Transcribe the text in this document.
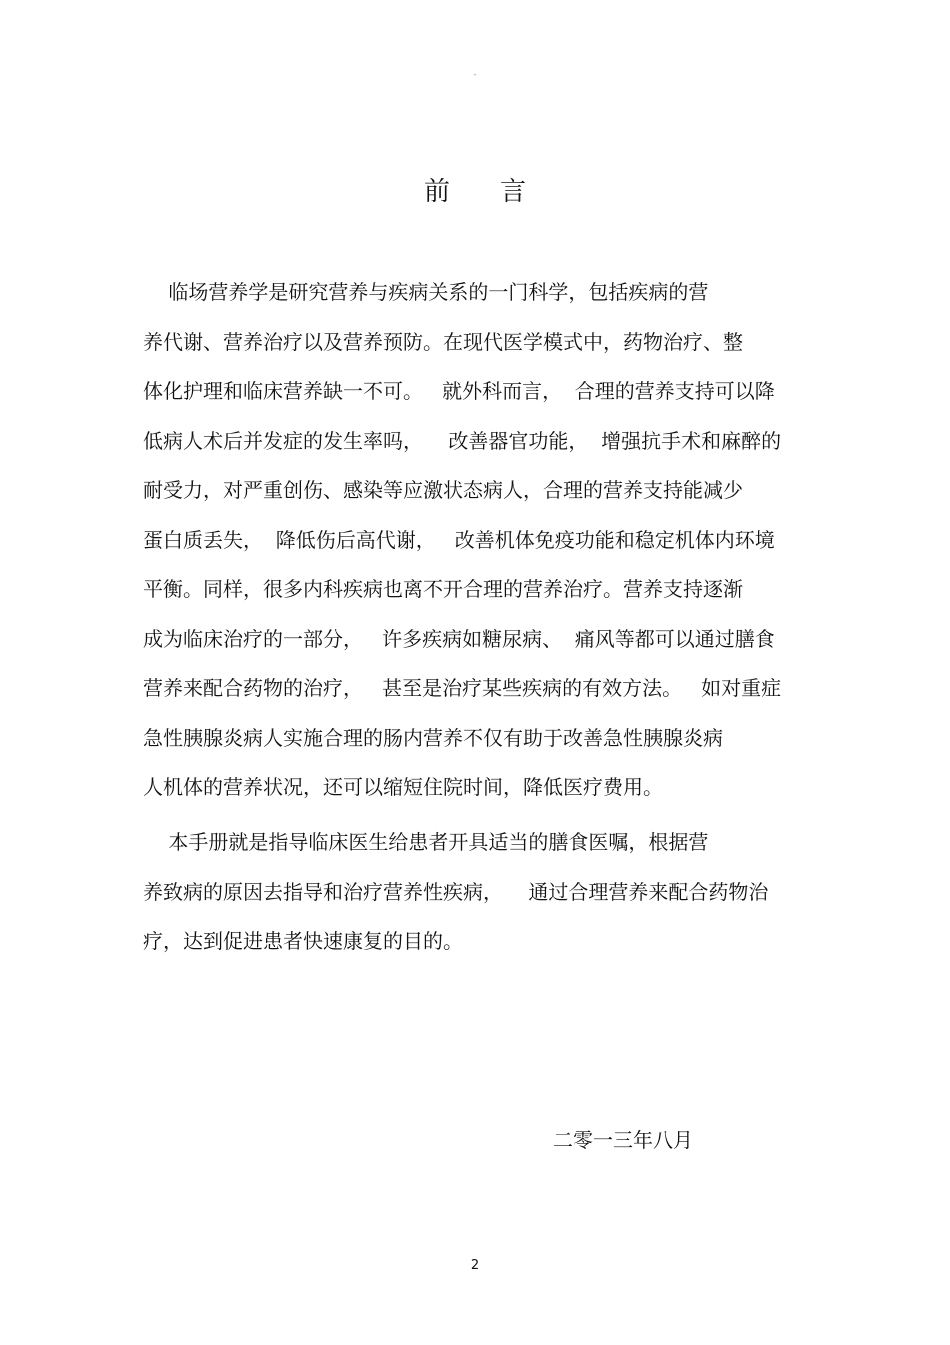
-
前言
临场营养学是研究营养与疾病关系的一门科学，包括疾病的营
养代谢、营养治疗以及营养预防。在现代医学模式中，药物治疗、整
体化护理和临床营养缺一不可。   就外科而言，  合理的营养支持可以降
低病人术后并发症的发生率吗，    改善器官功能，  增强抗手术和麻醉的
耐受力，对严重创伤、感染等应激状态病人，合理的营养支持能减少
蛋白质丢失，  降低伤后高代谢，   改善机体免疫功能和稳定机体内环境
平衡。同样，很多内科疾病也离不开合理的营养治疗。营养支持逐渐
成为临床治疗的一部分，   许多疾病如糖尿病、  痛风等都可以通过膳食
营养来配合药物的治疗，   甚至是治疗某些疾病的有效方法。   如对重症
急性胰腺炎病人实施合理的肠内营养不仅有助于改善急性胰腺炎病
人机体的营养状况，还可以缩短住院时间，降低医疗费用。
本手册就是指导临床医生给患者开具适当的膳食医嘱，根据营
养致病的原因去指导和治疗营养性疾病，    通过合理营养来配合药物治
疗，达到促进患者快速康复的目的。
二零一三年八月
2
